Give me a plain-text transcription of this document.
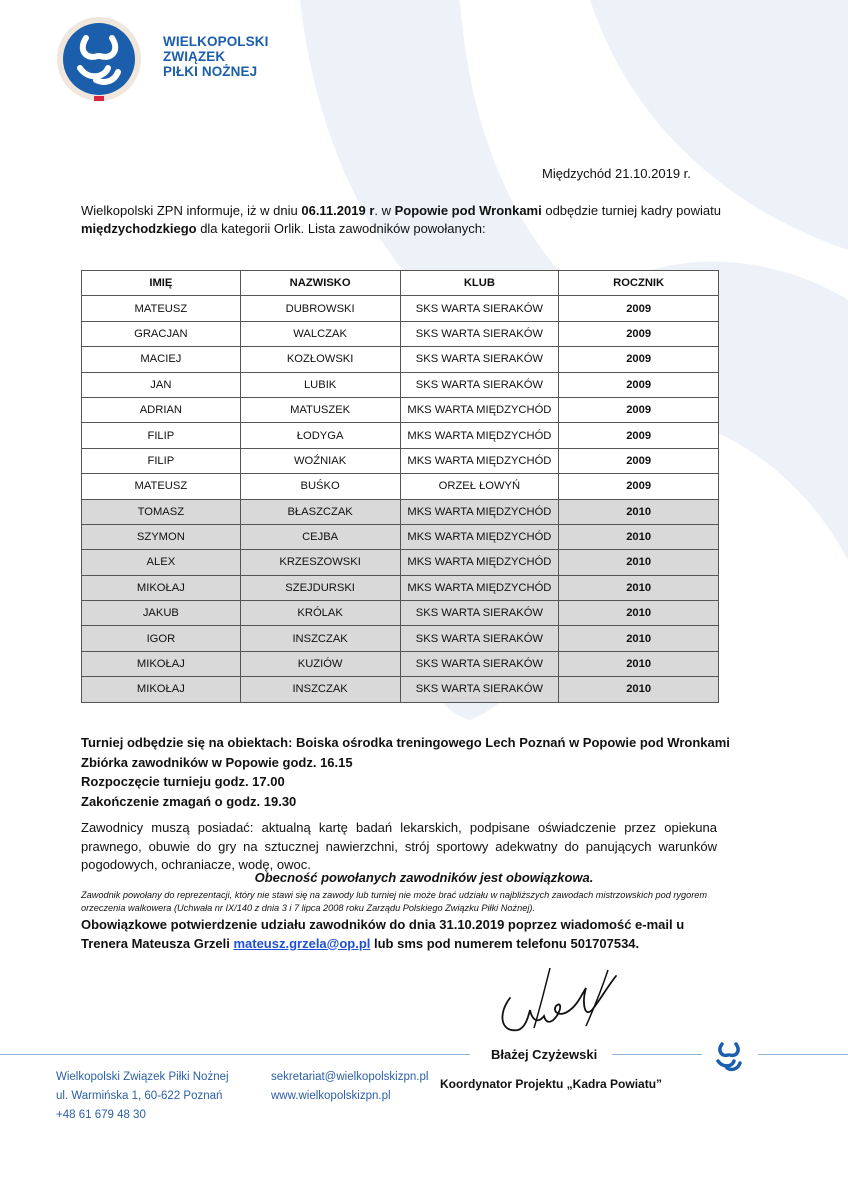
WIELKOPOLSKI
ZWIĄZEK
PIŁKI NOŻNEJ
Międzychód 21.10.2019 r.
Wielkopolski ZPN informuje, iż w dniu 06.11.2019 r. w Popowie pod Wronkami odbędzie turniej kadry powiatu międzychodzkiego dla kategorii Orlik. Lista zawodników powołanych:
IMIĘ	NAZWISKO	KLUB	ROCZNIK
MATEUSZ	DUBROWSKI	SKS WARTA SIERAKÓW	2009
GRACJAN	WALCZAK	SKS WARTA SIERAKÓW	2009
MACIEJ	KOZŁOWSKI	SKS WARTA SIERAKÓW	2009
JAN	LUBIK	SKS WARTA SIERAKÓW	2009
ADRIAN	MATUSZEK	MKS WARTA MIĘDZYCHÓD	2009
FILIP	ŁODYGA	MKS WARTA MIĘDZYCHÓD	2009
FILIP	WOŹNIAK	MKS WARTA MIĘDZYCHÓD	2009
MATEUSZ	BUŚKO	ORZEŁ ŁOWYŃ	2009
TOMASZ	BŁASZCZAK	MKS WARTA MIĘDZYCHÓD	2010
SZYMON	CEJBA	MKS WARTA MIĘDZYCHÓD	2010
ALEX	KRZESZOWSKI	MKS WARTA MIĘDZYCHÓD	2010
MIKOŁAJ	SZEJDURSKI	MKS WARTA MIĘDZYCHÓD	2010
JAKUB	KRÓLAK	SKS WARTA SIERAKÓW	2010
IGOR	INSZCZAK	SKS WARTA SIERAKÓW	2010
MIKOŁAJ	KUZIÓW	SKS WARTA SIERAKÓW	2010
MIKOŁAJ	INSZCZAK	SKS WARTA SIERAKÓW	2010
Turniej odbędzie się na obiektach: Boiska ośrodka treningowego Lech Poznań w Popowie pod Wronkami
Zbiórka zawodników w Popowie godz. 16.15
Rozpoczęcie turnieju godz. 17.00
Zakończenie zmagań o godz. 19.30
Zawodnicy muszą posiadać: aktualną kartę badań lekarskich, podpisane oświadczenie przez opiekuna prawnego, obuwie do gry na sztucznej nawierzchni, strój sportowy adekwatny do panujących warunków pogodowych, ochraniacze, wodę, owoc.
Obecność powołanych zawodników jest obowiązkowa.
Zawodnik powołany do reprezentacji, który nie stawi się na zawody lub turniej nie może brać udziału w najbliższych zawodach mistrzowskich pod rygorem orzeczenia walkowera (Uchwała nr IX/140 z dnia 3 i 7 lipca 2008 roku Zarządu Polskiego Związku Piłki Nożnej).
Obowiązkowe potwierdzenie udziału zawodników do dnia 31.10.2019 poprzez wiadomość e-mail u Trenera Mateusza Grzeli mateusz.grzela@op.pl lub sms pod numerem telefonu 501707534.
Błażej Czyżewski
Koordynator Projektu „Kadra Powiatu”
Wielkopolski Związek Piłki Nożnej
ul. Warmińska 1, 60-622 Poznań
+48 61 679 48 30
sekretariat@wielkopolskizpn.pl
www.wielkopolskizpn.pl
